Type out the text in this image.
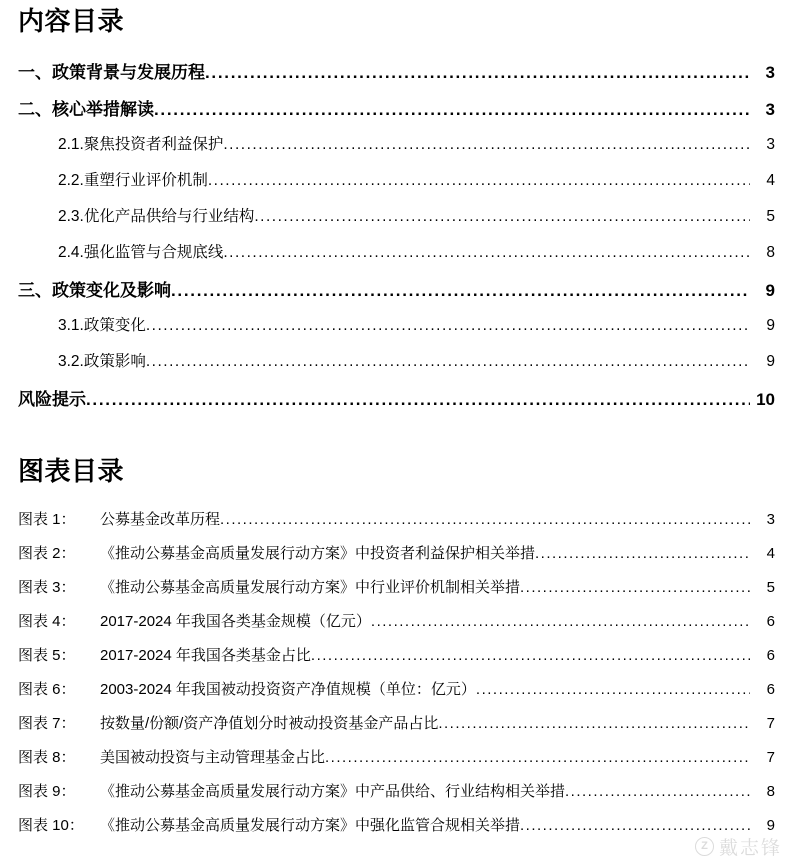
内容目录
一、政策背景与发展历程 .....	3
二、核心举措解读 .....	3
2.1.聚焦投资者利益保护 .....	3
2.2.重塑行业评价机制 .....	4
2.3.优化产品供给与行业结构 .....	5
2.4.强化监管与合规底线 .....	8
三、政策变化及影响 .....	9
3.1.政策变化 .....	9
3.2.政策影响 .....	9
风险提示 .....	10
图表目录
图表 1：	公募基金改革历程 .....	3
图表 2：	《推动公募基金高质量发展行动方案》中投资者利益保护相关举措 .....	4
图表 3：	《推动公募基金高质量发展行动方案》中行业评价机制相关举措 .....	5
图表 4：	2017-2024 年我国各类基金规模（亿元） .....	6
图表 5：	2017-2024 年我国各类基金占比 .....	6
图表 6：	2003-2024 年我国被动投资资产净值规模（单位：亿元） .....	6
图表 7：	按数量/份额/资产净值划分时被动投资基金产品占比 .....	7
图表 8：	美国被动投资与主动管理基金占比 .....	7
图表 9：	《推动公募基金高质量发展行动方案》中产品供给、行业结构相关举措 .....	8
图表 10：	《推动公募基金高质量发展行动方案》中强化监管合规相关举措 .....	9
Z 戴志锋
